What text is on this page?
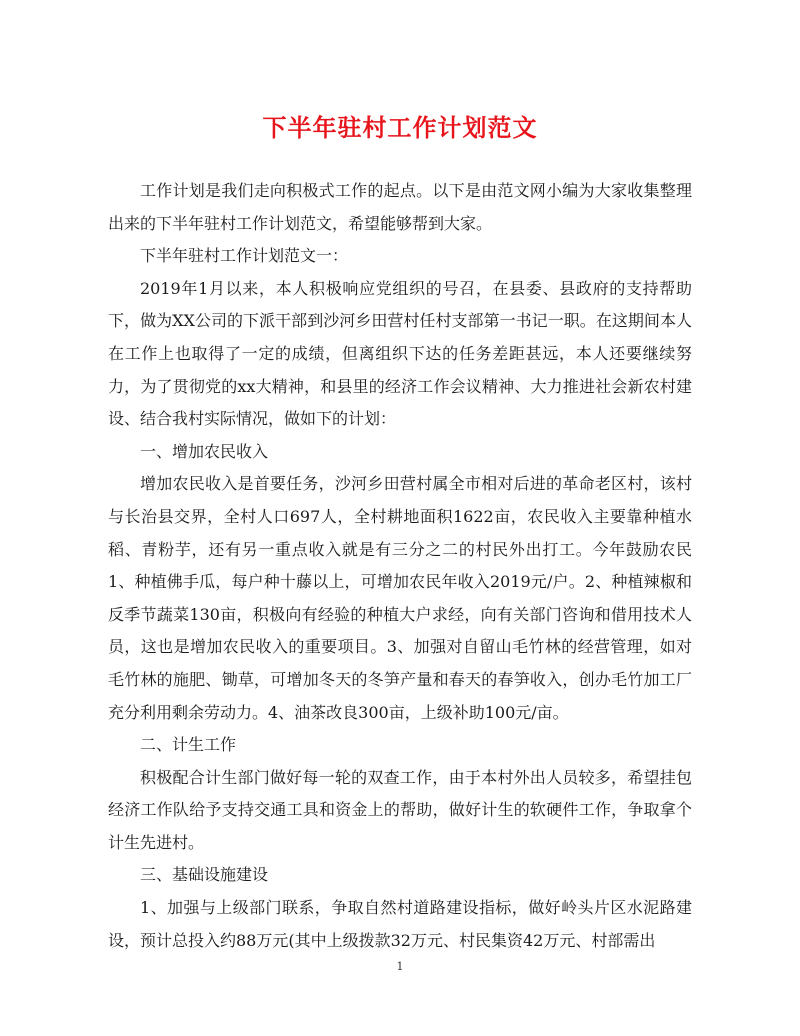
下半年驻村工作计划范文

工作计划是我们走向积极式工作的起点。以下是由范文网小编为大家收集整理出来的下半年驻村工作计划范文，希望能够帮到大家。

下半年驻村工作计划范文一：

2019年1月以来，本人积极响应党组织的号召，在县委、县政府的支持帮助下，做为XX公司的下派干部到沙河乡田营村任村支部第一书记一职。在这期间本人在工作上也取得了一定的成绩，但离组织下达的任务差距甚远，本人还要继续努力，为了贯彻党的xx大精神，和县里的经济工作会议精神、大力推进社会新农村建设、结合我村实际情况，做如下的计划：

一、增加农民收入

增加农民收入是首要任务，沙河乡田营村属全市相对后进的革命老区村，该村与长治县交界，全村人口697人，全村耕地面积1622亩，农民收入主要靠种植水稻、青粉芋，还有另一重点收入就是有三分之二的村民外出打工。今年鼓励农民1、种植佛手瓜，每户种十藤以上，可增加农民年收入2019元/户。2、种植辣椒和反季节蔬菜130亩，积极向有经验的种植大户求经，向有关部门咨询和借用技术人员，这也是增加农民收入的重要项目。3、加强对自留山毛竹林的经营管理，如对毛竹林的施肥、锄草，可增加冬天的冬笋产量和春天的春笋收入，创办毛竹加工厂充分利用剩余劳动力。4、油茶改良300亩，上级补助100元/亩。

二、计生工作

积极配合计生部门做好每一轮的双查工作，由于本村外出人员较多，希望挂包经济工作队给予支持交通工具和资金上的帮助，做好计生的软硬件工作，争取拿个计生先进村。

三、基础设施建设

1、加强与上级部门联系，争取自然村道路建设指标，做好岭头片区水泥路建设，预计总投入约88万元(其中上级拨款32万元、村民集资42万元、村部需出

1
